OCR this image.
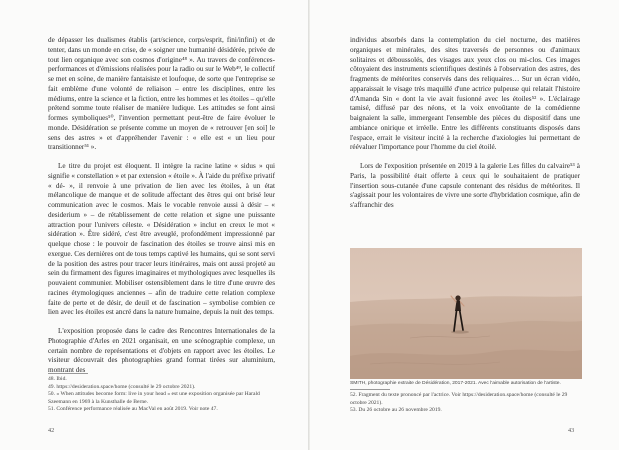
de dépasser les dualismes établis (art/science, corps/esprit, fini/infini) et de tenter, dans un monde en crise, de « soigner une humanité désidérée, privée de tout lien organique avec son cosmos d'origine⁴⁸ ». Au travers de conférences-performances et d'émissions réalisées pour la radio ou sur le Web⁴⁹, le collectif se met en scène, de manière fantaisiste et loufoque, de sorte que l'entreprise se fait emblème d'une volonté de reliaison – entre les disciplines, entre les médiums, entre la science et la fiction, entre les hommes et les étoiles – qu'elle prétend somme toute réaliser de manière ludique. Les attitudes se font ainsi formes symboliques⁵⁰, l'invention permettant peut-être de faire évoluer le monde. Désidération se présente comme un moyen de « retrouver [en soi] le sens des astres » et d'appréhender l'avenir : « elle est « un lieu pour transitionner⁵¹ ».

Le titre du projet est éloquent. Il intègre la racine latine « sidus » qui signifie « constellation » et par extension « étoile ». À l'aide du préfixe privatif « dé- », il renvoie à une privation de lien avec les étoiles, à un état mélancolique de manque et de solitude affectant des êtres qui ont brisé leur communication avec le cosmos. Mais le vocable renvoie aussi à désir – « desiderium » – de rétablissement de cette relation et signe une puissante attraction pour l'univers céleste. « Désidération » inclut en creux le mot « sidération ». Être sidéré, c'est être aveuglé, profondément impressionné par quelque chose : le pouvoir de fascination des étoiles se trouve ainsi mis en exergue. Ces dernières ont de tous temps captivé les humains, qui se sont servi de la position des astres pour tracer leurs itinéraires, mais ont aussi projeté au sein du firmament des figures imaginaires et mythologiques avec lesquelles ils pouvaient communier. Mobiliser ostensiblement dans le titre d'une œuvre des racines étymologiques anciennes – afin de traduire cette relation complexe faite de perte et de désir, de deuil et de fascination – symbolise combien ce lien avec les étoiles est ancré dans la nature humaine, depuis la nuit des temps.

L'exposition proposée dans le cadre des Rencontres Internationales de la Photographie d'Arles en 2021 organisait, en une scénographie complexe, un certain nombre de représentations et d'objets en rapport avec les étoiles. Le visiteur découvrait des photographies grand format tirées sur aluminium, montrant des

48. Ibid.
49. https://desideration.space/home (consulté le 29 octobre 2021).
50. « When attitudes become form: live in your head » est une exposition organisée par Harald Szeemann en 1969 à la Kunsthalle de Berne.
51. Conférence performance réalisée au MacVal en août 2019. Voir note 47.
42

individus absorbés dans la contemplation du ciel nocturne, des matières organiques et minérales, des sites traversés de personnes ou d'animaux solitaires et déboussolés, des visages aux yeux clos ou mi-clos. Ces images côtoyaient des instruments scientifiques destinés à l'observation des astres, des fragments de météorites conservés dans des reliquaires… Sur un écran vidéo, apparaissait le visage très maquillé d'une actrice pulpeuse qui relatait l'histoire d'Amanda Sin « dont la vie avait fusionné avec les étoiles⁵² ». L'éclairage tamisé, diffusé par des néons, et la voix envoûtante de la comédienne baignaient la salle, immergeant l'ensemble des pièces du dispositif dans une ambiance onirique et irréelle. Entre les différents constituants disposés dans l'espace, errait le visiteur incité à la recherche d'axiologies lui permettant de réévaluer l'importance pour l'homme du ciel étoilé.

Lors de l'exposition présentée en 2019 à la galerie Les filles du calvaire⁵³ à Paris, la possibilité était offerte à ceux qui le souhaitaient de pratiquer l'insertion sous-cutanée d'une capsule contenant des résidus de météorites. Il s'agissait pour les volontaires de vivre une sorte d'hybridation cosmique, afin de s'affranchir des

SMITH, photographie extraite de Désidération, 2017-2021. Avec l'aimable autorisation de l'artiste.
52. Fragment du texte prononcé par l'actrice. Voir https://desideration.space/home (consulté le 29 octobre 2021).
53. Du 26 octobre au 26 novembre 2019.
43
